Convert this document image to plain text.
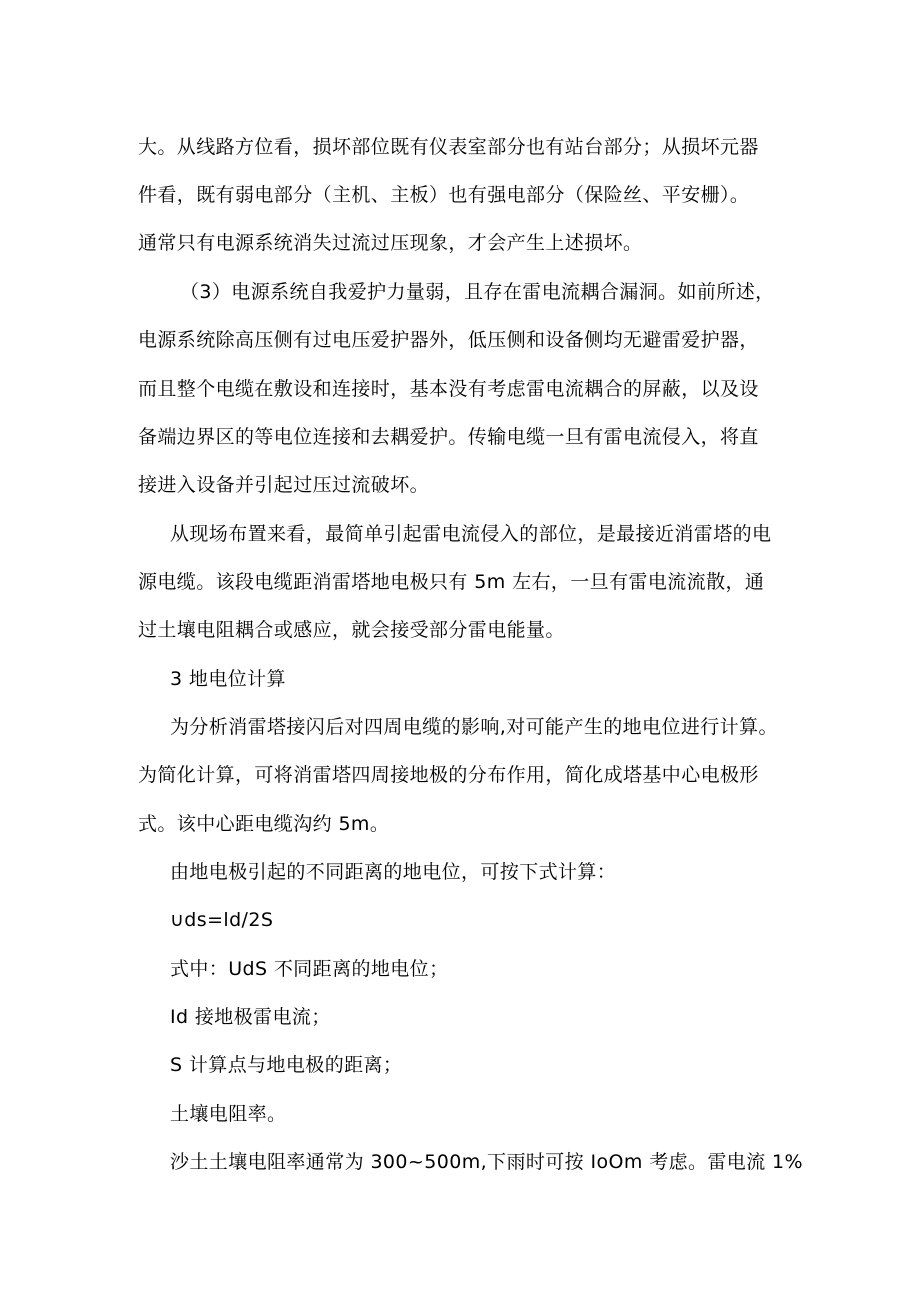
大。从线路方位看，损坏部位既有仪表室部分也有站台部分；从损坏元器
件看，既有弱电部分（主机、主板）也有强电部分（保险丝、平安栅）。
通常只有电源系统消失过流过压现象，才会产生上述损坏。
（3）电源系统自我爱护力量弱，且存在雷电流耦合漏洞。如前所述，
电源系统除高压侧有过电压爱护器外，低压侧和设备侧均无避雷爱护器，
而且整个电缆在敷设和连接时，基本没有考虑雷电流耦合的屏蔽，以及设
备端边界区的等电位连接和去耦爱护。传输电缆一旦有雷电流侵入，将直
接进入设备并引起过压过流破坏。
从现场布置来看，最简单引起雷电流侵入的部位，是最接近消雷塔的电
源电缆。该段电缆距消雷塔地电极只有 5m 左右，一旦有雷电流流散，通
过土壤电阻耦合或感应，就会接受部分雷电能量。
3 地电位计算
为分析消雷塔接闪后对四周电缆的影响,对可能产生的地电位进行计算。
为简化计算，可将消雷塔四周接地极的分布作用，简化成塔基中心电极形
式。该中心距电缆沟约 5m。
由地电极引起的不同距离的地电位，可按下式计算：
∪ds=ld∕2S
式中：UdS 不同距离的地电位；
Id 接地极雷电流；
S 计算点与地电极的距离；
土壤电阻率。
沙土土壤电阻率通常为 300~500m,下雨时可按 IoOm 考虑。雷电流 1%
